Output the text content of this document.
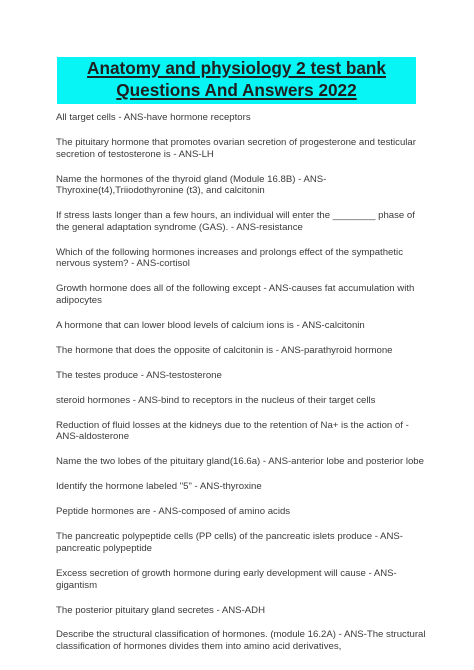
Anatomy and physiology 2 test bank
Questions And Answers 2022
All target cells - ANS-have hormone receptors
The pituitary hormone that promotes ovarian secretion of progesterone and testicular secretion of testosterone is - ANS-LH
Name the hormones of the thyroid gland (Module 16.8B) - ANS-Thyroxine(t4),Triiodothyronine (t3), and calcitonin
If stress lasts longer than a few hours, an individual will enter the ________ phase of the general adaptation syndrome (GAS). - ANS-resistance
Which of the following hormones increases and prolongs effect of the sympathetic nervous system? - ANS-cortisol
Growth hormone does all of the following except - ANS-causes fat accumulation with adipocytes
A hormone that can lower blood levels of calcium ions is - ANS-calcitonin
The hormone that does the opposite of calcitonin is - ANS-parathyroid hormone
The testes produce - ANS-testosterone
steroid hormones - ANS-bind to receptors in the nucleus of their target cells
Reduction of fluid losses at the kidneys due to the retention of Na+ is the action of - ANS-aldosterone
Name the two lobes of the pituitary gland(16.6a) - ANS-anterior lobe and posterior lobe
Identify the hormone labeled "5" - ANS-thyroxine
Peptide hormones are - ANS-composed of amino acids
The pancreatic polypeptide cells (PP cells) of the pancreatic islets produce - ANS-pancreatic polypeptide
Excess secretion of growth hormone during early development will cause - ANS-gigantism
The posterior pituitary gland secretes - ANS-ADH
Describe the structural classification of hormones. (module 16.2A) - ANS-The structural classification of hormones divides them into amino acid derivatives,
